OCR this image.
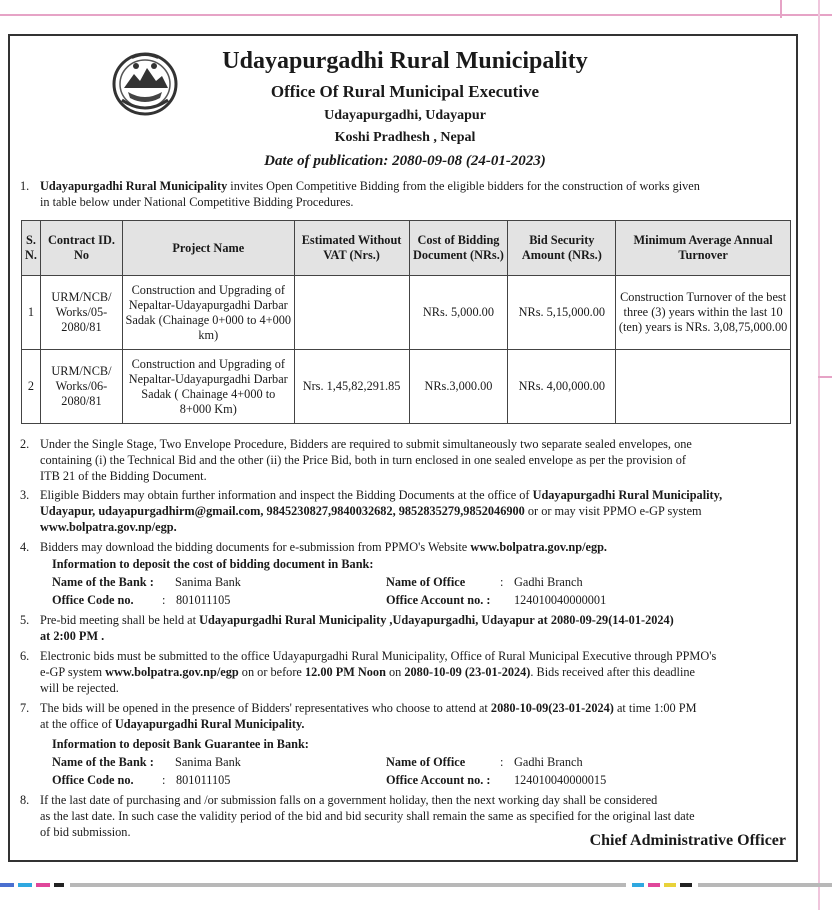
Udayapurgadhi Rural Municipality
Office Of Rural Municipal Executive
Udayapurgadhi, Udayapur
Koshi Pradhesh , Nepal
Date of publication: 2080-09-08 (24-01-2023)
1. Udayapurgadhi Rural Municipality invites Open Competitive Bidding from the eligible bidders for the construction of works given
in table below under National Competitive Bidding Procedures.
S. N.	Contract ID. No	Project Name	Estimated Without VAT (Nrs.)	Cost of Bidding Document (NRs.)	Bid Security Amount (NRs.)	Minimum Average Annual Turnover
1	URM/NCB/ Works/05- 2080/81	Construction and Upgrading of Nepaltar-Udayapurgadhi Darbar Sadak (Chainage 0+000 to 4+000 km)		NRs. 5,000.00	NRs. 5,15,000.00	Construction Turnover of the best three (3) years within the last 10 (ten) years is NRs. 3,08,75,000.00
2	URM/NCB/ Works/06- 2080/81	Construction and Upgrading of Nepaltar-Udayapurgadhi Darbar Sadak ( Chainage 4+000 to 8+000 Km)	Nrs. 1,45,82,291.85	NRs.3,000.00	NRs. 4,00,000.00	
2. Under the Single Stage, Two Envelope Procedure, Bidders are required to submit simultaneously two separate sealed envelopes, one
containing (i) the Technical Bid and the other (ii) the Price Bid, both in turn enclosed in one sealed envelope as per the provision of
ITB 21 of the Bidding Document.
3. Eligible Bidders may obtain further information and inspect the Bidding Documents at the office of Udayapurgadhi Rural Municipality,
Udayapur, udayapurgadhirm@gmail.com, 9845230827,9840032682, 9852835279,9852046900 or or may visit PPMO e-GP system
www.bolpatra.gov.np/egp.
4. Bidders may download the bidding documents for e-submission from PPMO's Website www.bolpatra.gov.np/egp.
Information to deposit the cost of bidding document in Bank:
Name of the Bank : Sanima Bank	Name of Office	: Gadhi Branch
Office Code no. : 801011105	Office Account no. : 124010040000001
5. Pre-bid meeting shall be held at Udayapurgadhi Rural Municipality ,Udayapurgadhi, Udayapur at 2080-09-29(14-01-2024)
at 2:00 PM .
6. Electronic bids must be submitted to the office Udayapurgadhi Rural Municipality, Office of Rural Municipal Executive through PPMO's
e-GP system www.bolpatra.gov.np/egp on or before 12.00 PM Noon on 2080-10-09 (23-01-2024). Bids received after this deadline
will be rejected.
7. The bids will be opened in the presence of Bidders' representatives who choose to attend at 2080-10-09(23-01-2024) at time 1:00 PM
at the office of Udayapurgadhi Rural Municipality.
Information to deposit Bank Guarantee in Bank:
Name of the Bank : Sanima Bank	Name of Office	: Gadhi Branch
Office Code no. : 801011105	Office Account no. : 124010040000015
8. If the last date of purchasing and /or submission falls on a government holiday, then the next working day shall be considered
as the last date. In such case the validity period of the bid and bid security shall remain the same as specified for the original last date
of bid submission.	Chief Administrative Officer
